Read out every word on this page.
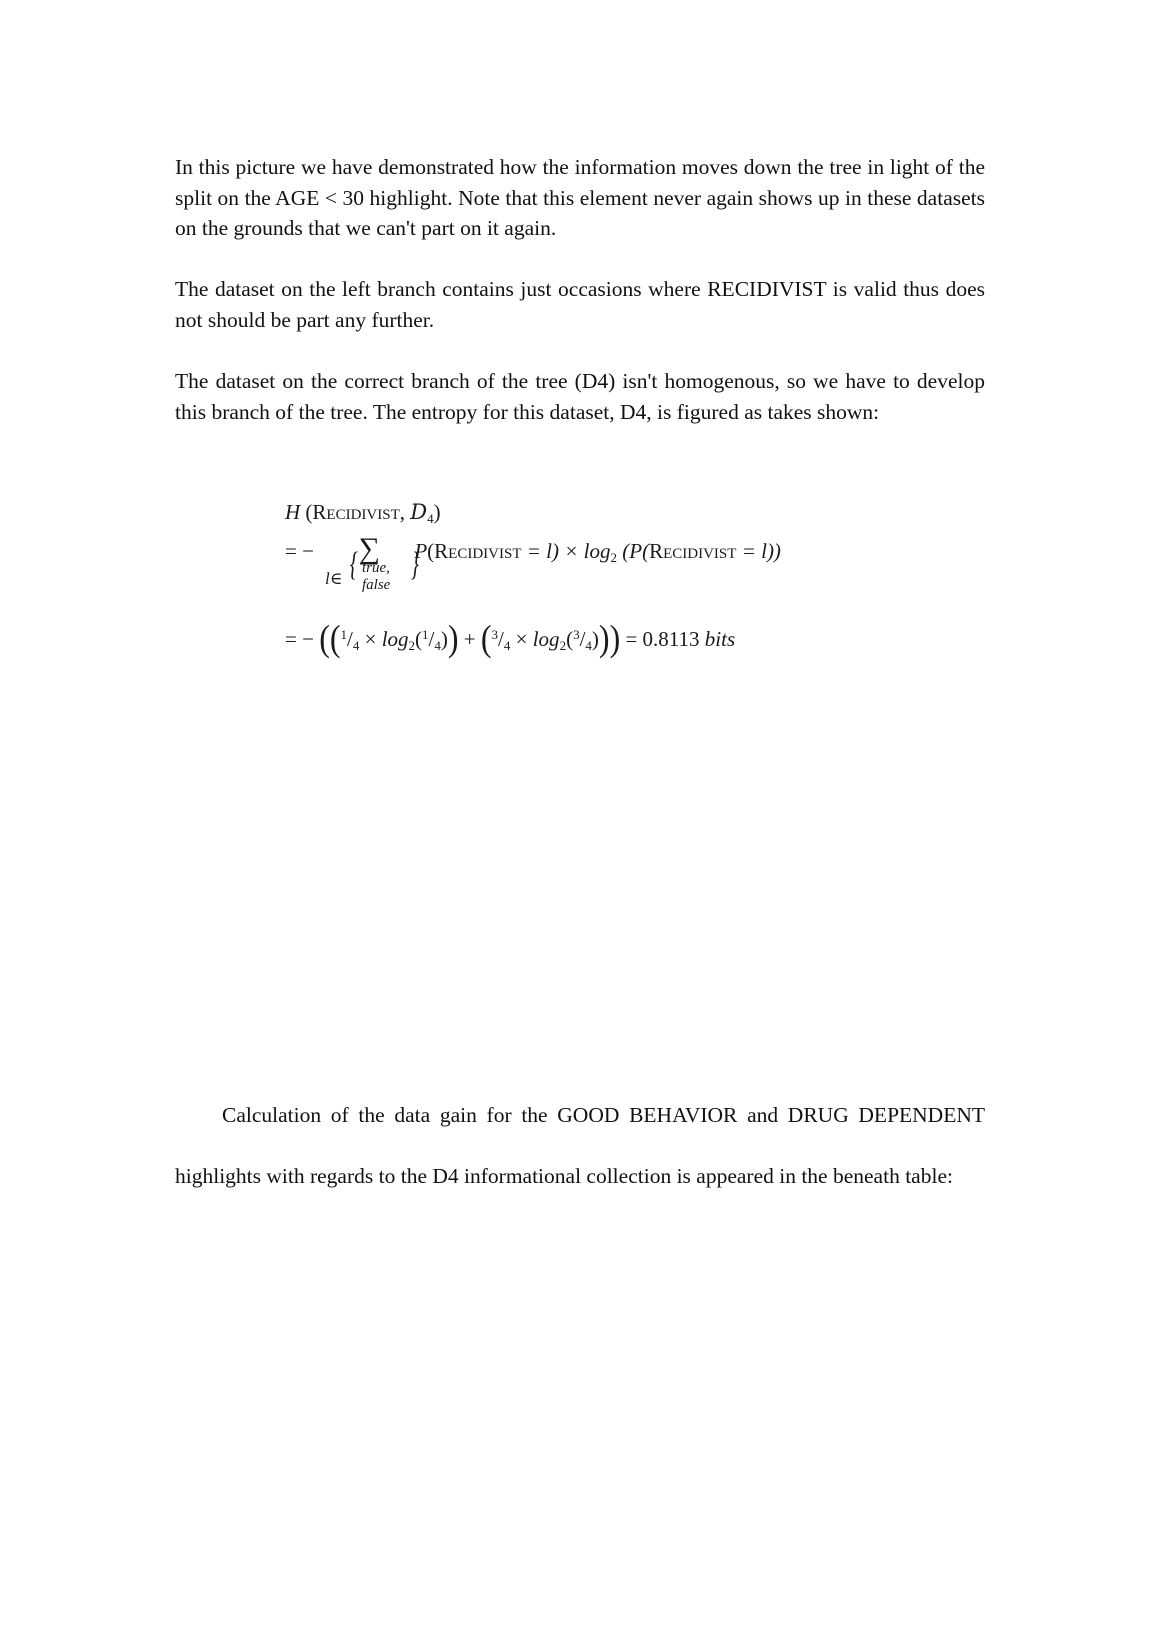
In this picture we have demonstrated how the information moves down the tree in light of the split on the AGE < 30 highlight. Note that this element never again shows up in these datasets on the grounds that we can't part on it again.

The dataset on the left branch contains just occasions where RECIDIVIST is valid thus does not should be part any further.

The dataset on the correct branch of the tree (D4) isn't homogenous, so we have to develop this branch of the tree. The entropy for this dataset, D4, is figured as takes shown:

H (Recidivist, $D_4$)
= − ∑ P(Recidivist = $l) \times \log_2$ (P(Recidivist = l))
l∈ { true,
false
}
= − $((^1/_4 \times \log_2(^1/_4)) + (^3/_4 \times \log_2(^3/_4))) = 0.8113$ bits

Calculation of the data gain for the GOOD BEHAVIOR and DRUG DEPENDENT highlights with regards to the D4 informational collection is appeared in the beneath table:
